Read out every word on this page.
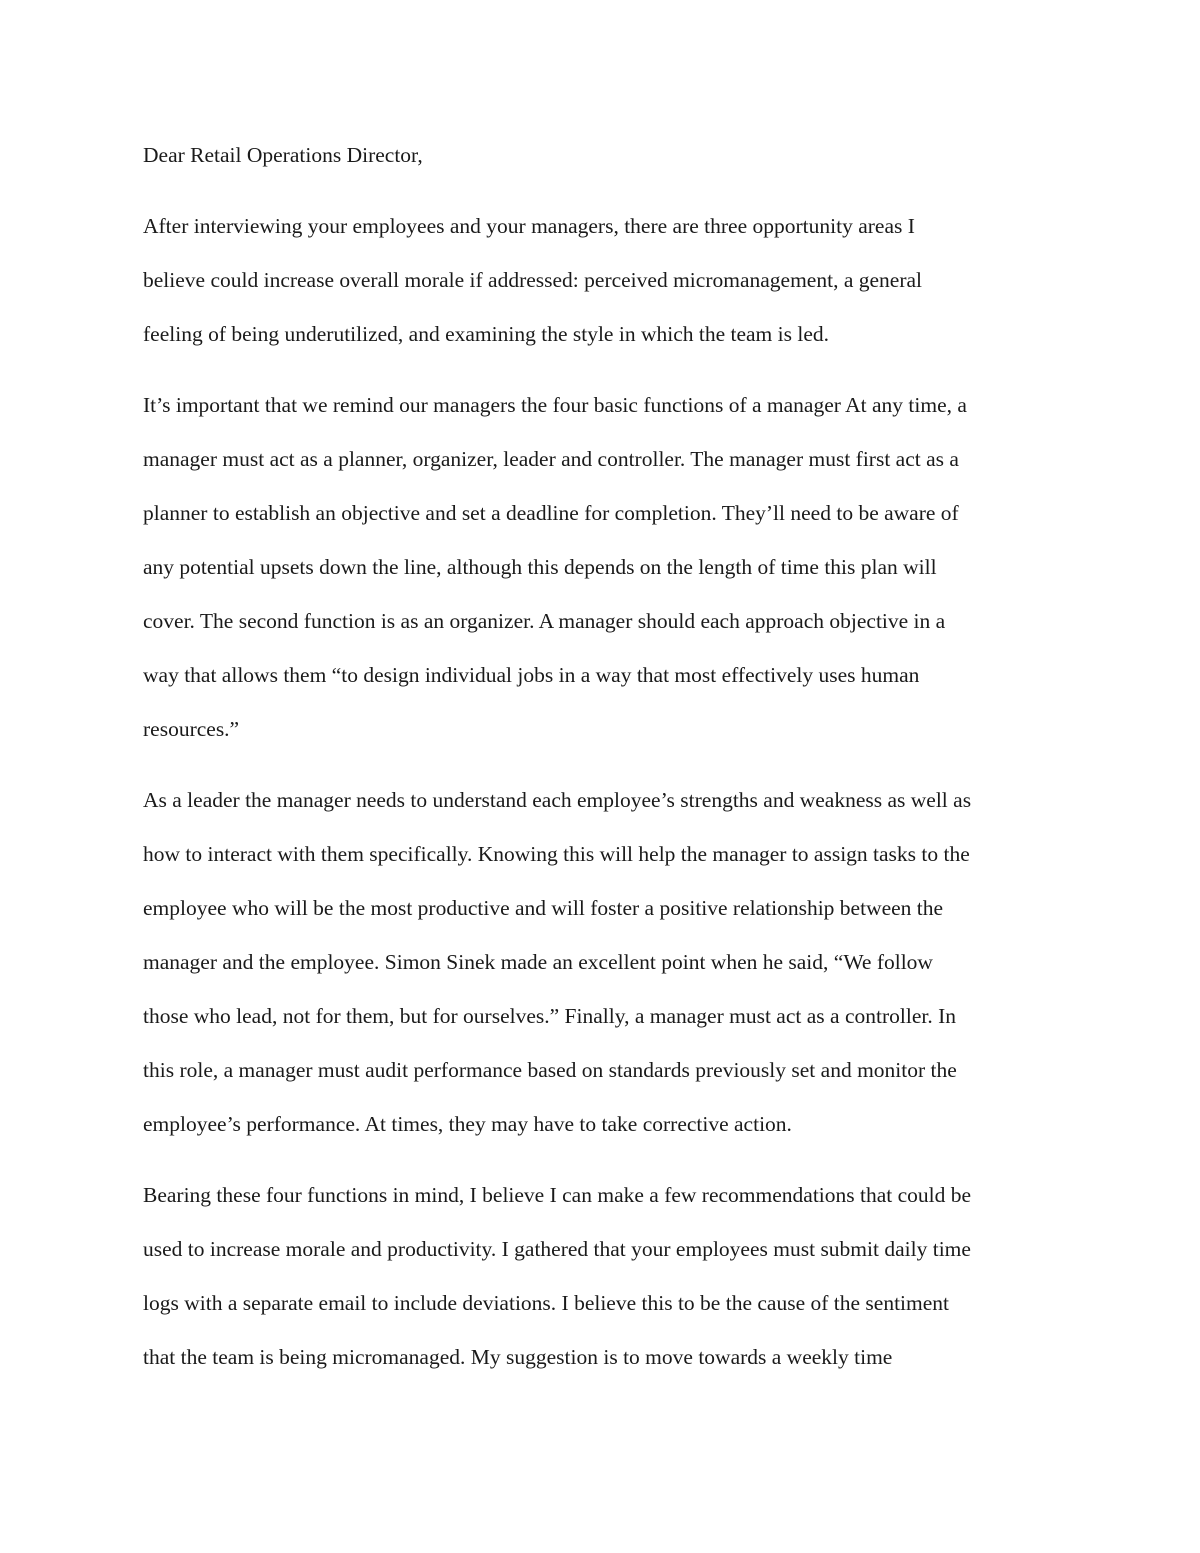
Dear Retail Operations Director,

After interviewing your employees and your managers, there are three opportunity areas I

believe could increase overall morale if addressed: perceived micromanagement, a general

feeling of being underutilized, and examining the style in which the team is led.

It’s important that we remind our managers the four basic functions of a manager At any time, a

manager must act as a planner, organizer, leader and controller. The manager must first act as a

planner to establish an objective and set a deadline for completion. They’ll need to be aware of

any potential upsets down the line, although this depends on the length of time this plan will

cover. The second function is as an organizer. A manager should each approach objective in a

way that allows them “to design individual jobs in a way that most effectively uses human

resources.”

As a leader the manager needs to understand each employee’s strengths and weakness as well as

how to interact with them specifically. Knowing this will help the manager to assign tasks to the

employee who will be the most productive and will foster a positive relationship between the

manager and the employee. Simon Sinek made an excellent point when he said, “We follow

those who lead, not for them, but for ourselves.” Finally, a manager must act as a controller. In

this role, a manager must audit performance based on standards previously set and monitor the

employee’s performance. At times, they may have to take corrective action.

Bearing these four functions in mind, I believe I can make a few recommendations that could be

used to increase morale and productivity. I gathered that your employees must submit daily time

logs with a separate email to include deviations. I believe this to be the cause of the sentiment

that the team is being micromanaged. My suggestion is to move towards a weekly time
